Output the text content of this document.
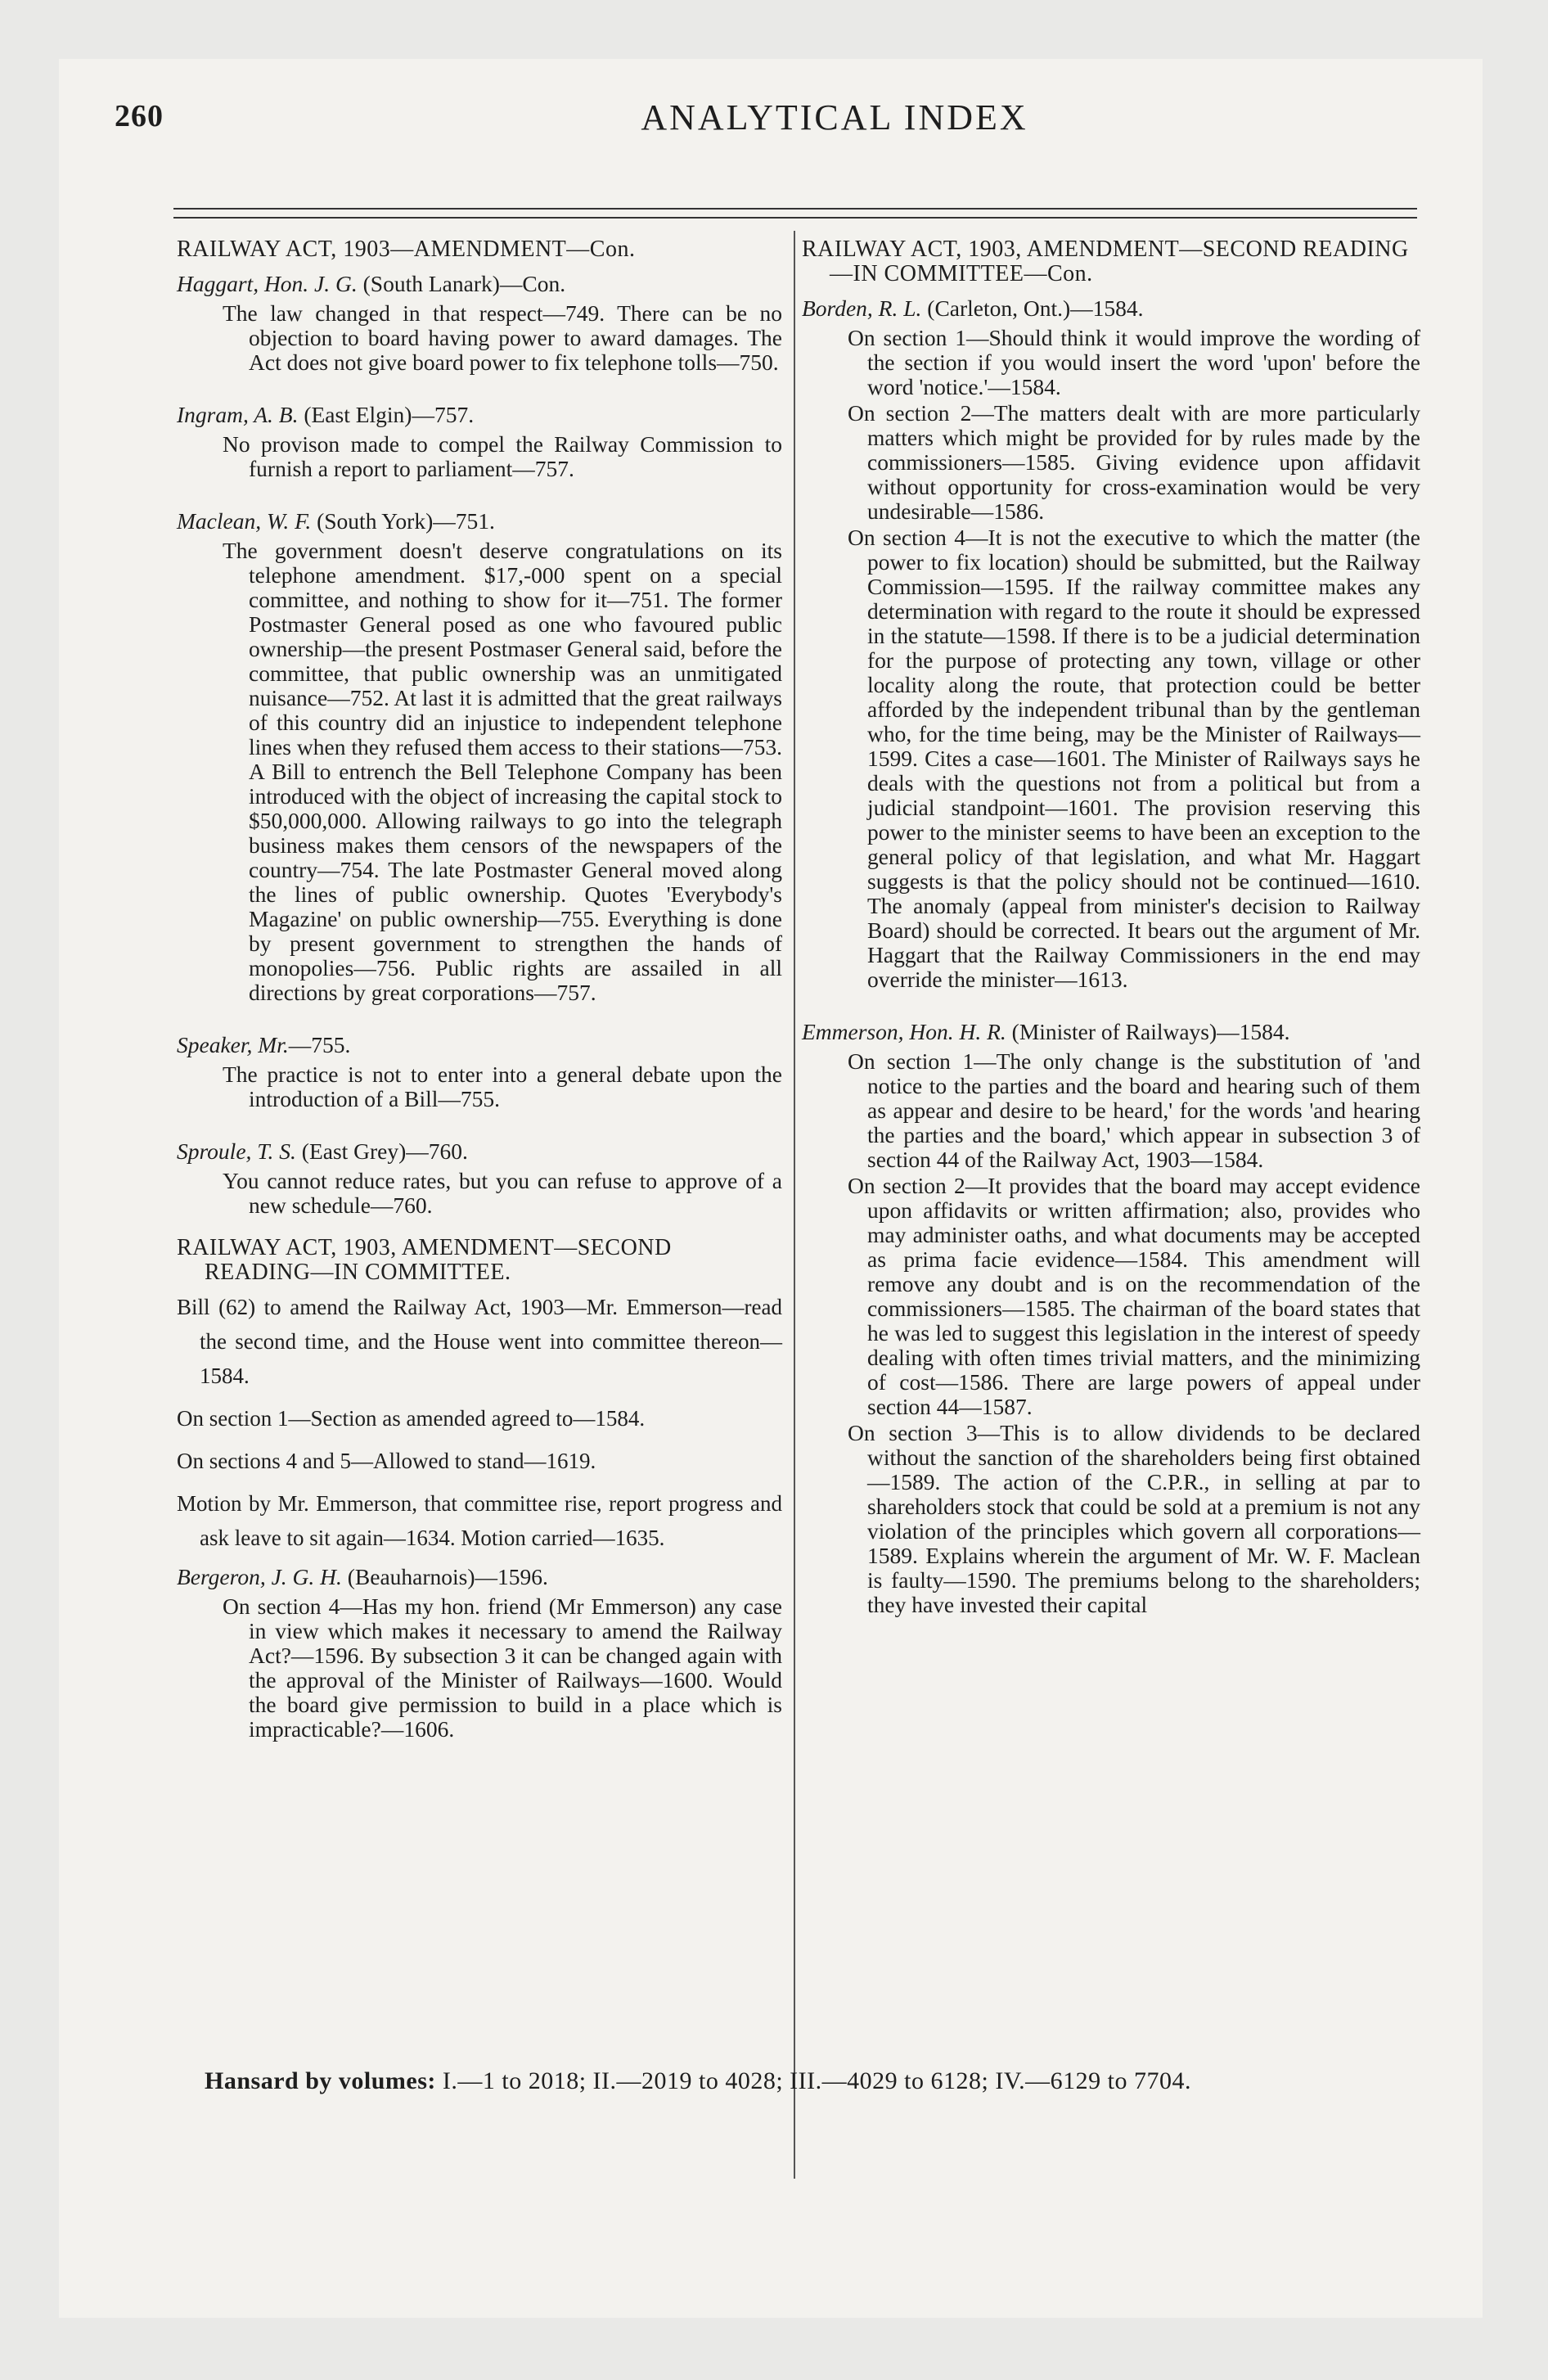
260	ANALYTICAL INDEX
RAILWAY ACT, 1903—AMENDMENT—Con.
Haggart, Hon. J. G. (South Lanark)—Con.
The law changed in that respect—749. There can be no objection to board having power to award damages. The Act does not give board power to fix telephone tolls—750.
Ingram, A. B. (East Elgin)—757.
No provison made to compel the Railway Commission to furnish a report to parliament—757.
Maclean, W. F. (South York)—751.
The government doesn't deserve congratulations on its telephone amendment. $17,-000 spent on a special committee, and nothing to show for it—751. The former Postmaster General posed as one who favoured public ownership—the present Postmaser General said, before the committee, that public ownership was an unmitigated nuisance—752. At last it is admitted that the great railways of this country did an injustice to independent telephone lines when they refused them access to their stations—753. A Bill to entrench the Bell Telephone Company has been introduced with the object of increasing the capital stock to $50,000,000. Allowing railways to go into the telegraph business makes them censors of the newspapers of the country—754. The late Postmaster General moved along the lines of public ownership. Quotes 'Everybody's Magazine' on public ownership—755. Everything is done by present government to strengthen the hands of monopolies—756. Public rights are assailed in all directions by great corporations—757.
Speaker, Mr.—755.
The practice is not to enter into a general debate upon the introduction of a Bill—755.
Sproule, T. S. (East Grey)—760.
You cannot reduce rates, but you can refuse to approve of a new schedule—760.
RAILWAY ACT, 1903, AMENDMENT—SECOND READING—IN COMMITTEE.
Bill (62) to amend the Railway Act, 1903—Mr. Emmerson—read the second time, and the House went into committee thereon—1584.
On section 1—Section as amended agreed to—1584.
On sections 4 and 5—Allowed to stand—1619.
Motion by Mr. Emmerson, that committee rise, report progress and ask leave to sit again—1634. Motion carried—1635.
Bergeron, J. G. H. (Beauharnois)—1596.
On section 4—Has my hon. friend (Mr Emmerson) any case in view which makes it necessary to amend the Railway Act?—1596. By subsection 3 it can be changed again with the approval of the Minister of Railways—1600. Would the board give permission to build in a place which is impracticable?—1606.
RAILWAY ACT, 1903, AMENDMENT—SECOND READING—IN COMMITTEE—Con.
Borden, R. L. (Carleton, Ont.)—1584.
On section 1—Should think it would improve the wording of the section if you would insert the word 'upon' before the word 'notice.'—1584.
On section 2—The matters dealt with are more particularly matters which might be provided for by rules made by the commissioners—1585. Giving evidence upon affidavit without opportunity for cross-examination would be very undesirable—1586.
On section 4—It is not the executive to which the matter (the power to fix location) should be submitted, but the Railway Commission—1595. If the railway committee makes any determination with regard to the route it should be expressed in the statute—1598. If there is to be a judicial determination for the purpose of protecting any town, village or other locality along the route, that protection could be better afforded by the independent tribunal than by the gentleman who, for the time being, may be the Minister of Railways—1599. Cites a case—1601. The Minister of Railways says he deals with the questions not from a political but from a judicial standpoint—1601. The provision reserving this power to the minister seems to have been an exception to the general policy of that legislation, and what Mr. Haggart suggests is that the policy should not be continued—1610. The anomaly (appeal from minister's decision to Railway Board) should be corrected. It bears out the argument of Mr. Haggart that the Railway Commissioners in the end may override the minister—1613.
Emmerson, Hon. H. R. (Minister of Railways)—1584.
On section 1—The only change is the substitution of 'and notice to the parties and the board and hearing such of them as appear and desire to be heard,' for the words 'and hearing the parties and the board,' which appear in subsection 3 of section 44 of the Railway Act, 1903—1584.
On section 2—It provides that the board may accept evidence upon affidavits or written affirmation; also, provides who may administer oaths, and what documents may be accepted as prima facie evidence—1584. This amendment will remove any doubt and is on the recommendation of the commissioners—1585. The chairman of the board states that he was led to suggest this legislation in the interest of speedy dealing with often times trivial matters, and the minimizing of cost—1586. There are large powers of appeal under section 44—1587.
On section 3—This is to allow dividends to be declared without the sanction of the shareholders being first obtained—1589. The action of the C.P.R., in selling at par to shareholders stock that could be sold at a premium is not any violation of the principles which govern all corporations—1589. Explains wherein the argument of Mr. W. F. Maclean is faulty—1590. The premiums belong to the shareholders; they have invested their capital
Hansard by volumes: I.—1 to 2018; II.—2019 to 4028; III.—4029 to 6128; IV.—6129 to 7704.
